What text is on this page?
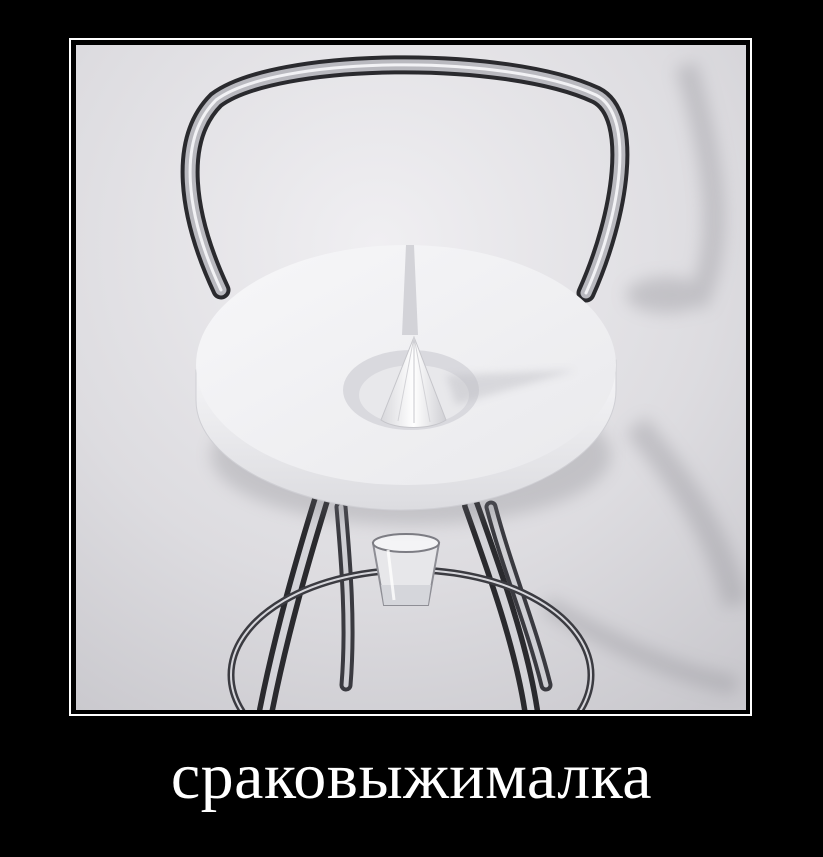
сраковыжималка
